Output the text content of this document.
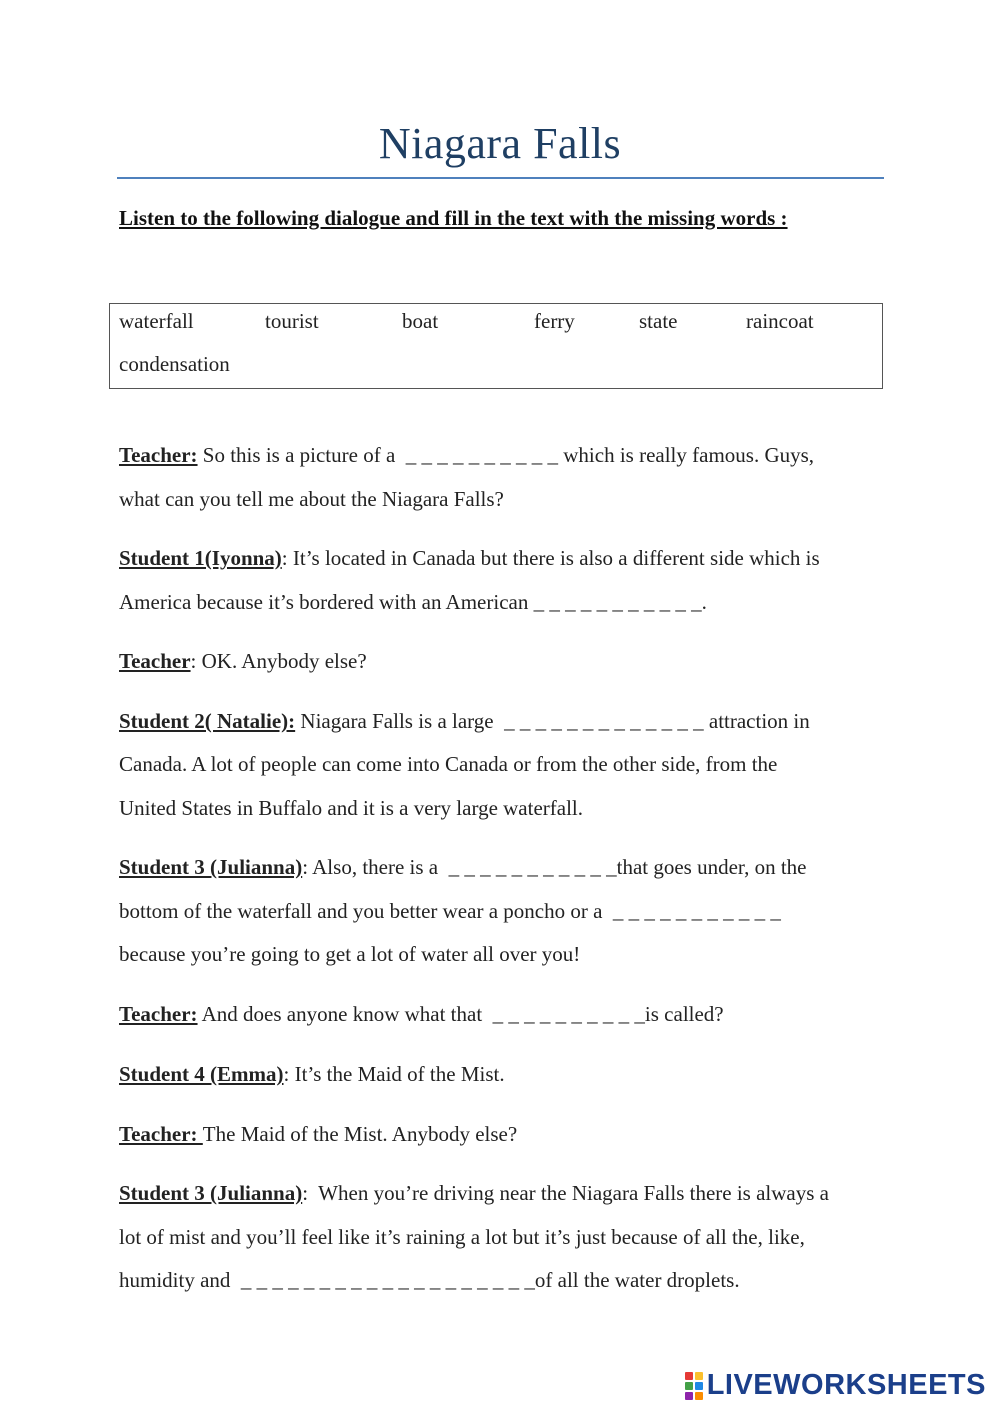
Niagara Falls
Listen to the following dialogue and fill in the text with the missing words :
waterfall	tourist	boat	ferry	state	raincoat
condensation
Teacher: So this is a picture of a  _ _ _ _ _ _ _ _ _ _ which is really famous. Guys,
what can you tell me about the Niagara Falls?
Student 1(Iyonna): It’s located in Canada but there is also a different side which is
America because it’s bordered with an American _ _ _ _ _ _ _ _ _ _ _.
Teacher: OK. Anybody else?
Student 2( Natalie): Niagara Falls is a large  _ _ _ _ _ _ _ _ _ _ _ _ _ attraction in
Canada. A lot of people can come into Canada or from the other side, from the
United States in Buffalo and it is a very large waterfall.
Student 3 (Julianna): Also, there is a  _ _ _ _ _ _ _ _ _ _ _that goes under, on the
bottom of the waterfall and you better wear a poncho or a  _ _ _ _ _ _ _ _ _ _ _
because you’re going to get a lot of water all over you!
Teacher: And does anyone know what that  _ _ _ _ _ _ _ _ _ _is called?
Student 4 (Emma): It’s the Maid of the Mist.
Teacher: The Maid of the Mist. Anybody else?
Student 3 (Julianna):  When you’re driving near the Niagara Falls there is always a
lot of mist and you’ll feel like it’s raining a lot but it’s just because of all the, like,
humidity and  _ _ _ _ _ _ _ _ _ _ _ _ _ _ _ _ _ _ _of all the water droplets.
LIVEWORKSHEETS
